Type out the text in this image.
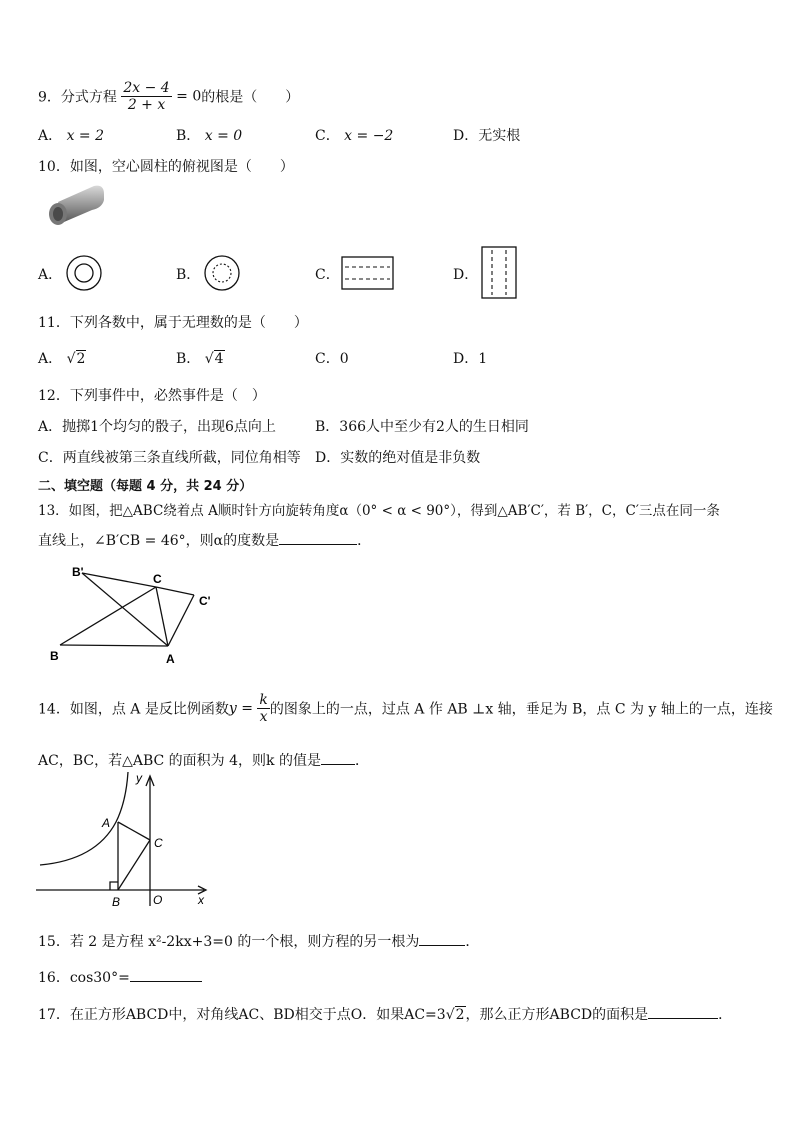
9．分式方程 $\frac{2x - 4}{2 + x} = 0$的根是（　　）
A． x = 2	B． x = 0	C． x = −2	D．无实根
10．如图，空心圆柱的俯视图是（　　）
A．	B．	C．	D．
11．下列各数中，属于无理数的是（　　）
A． √2	B． √4	C．0	D．1
12．下列事件中，必然事件是（　）
A．抛掷1个均匀的骰子，出现6点向上	B．366人中至少有2人的生日相同
C．两直线被第三条直线所截，同位角相等 D．实数的绝对值是非负数
二、填空题（每题 4 分，共 24 分）
13．如图，把△ABC绕着点 A顺时针方向旋转角度α（0° < α < 90°），得到△AB′C′，若 B′，C，C′三点在同一条
直线上，∠B′CB = 46°，则α的度数是	．
B'	C
C'
B	A
14．如图，点 A 是反比例函数$y = \frac{k}{x}$ 的图象上的一点，过点 A 作 AB ⊥x 轴，垂足为 B，点 C 为 y 轴上的一点，连接
AC，BC，若△ABC 的面积为 4，则k 的值是 ．
y
A
C
B	O	x
15．若 2 是方程 x²-2kx+3=0 的一个根，则方程的另一根为	．
16．cos30°=
17．在正方形ABCD中，对角线AC、BD相交于点O．如果AC=3√2，那么正方形ABCD的面积是	．
